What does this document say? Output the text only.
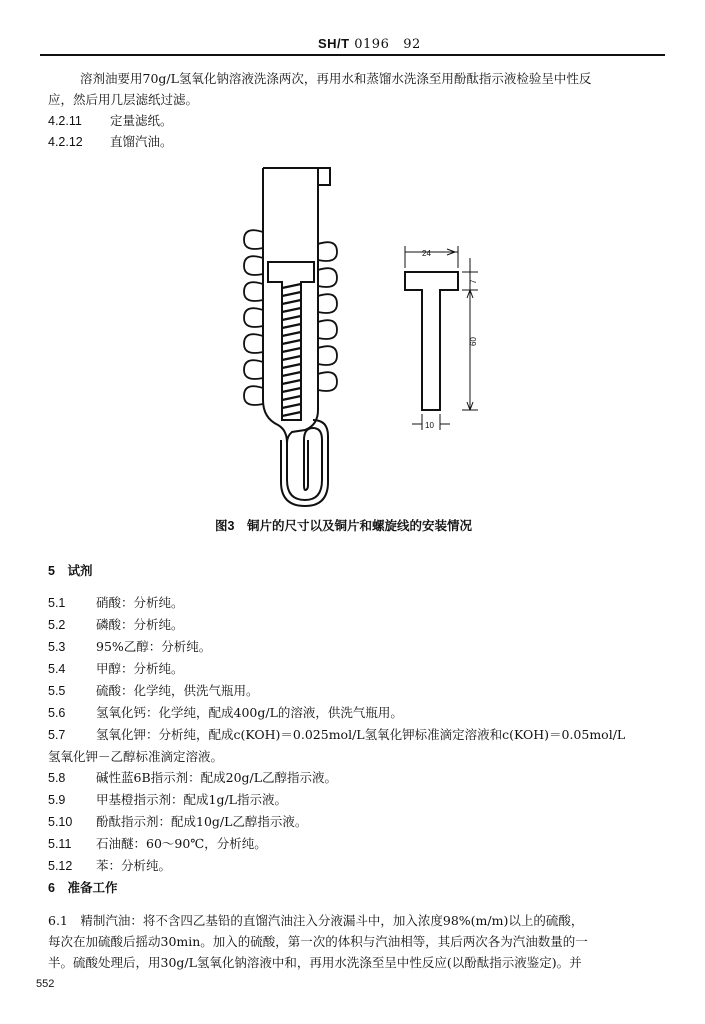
SH/T 0196 92
溶剂油要用70g/L氢氧化钠溶液洗涤两次，再用水和蒸馏水洗涤至用酚酞指示液检验呈中性反
应，然后用几层滤纸过滤。
4.2.11 定量滤纸。
4.2.12 直馏汽油。
24
7
60
10
图3　铜片的尺寸以及铜片和螺旋线的安装情况
5　试剂
5.1 硝酸：分析纯。
5.2 磷酸：分析纯。
5.3 95%乙醇：分析纯。
5.4 甲醇：分析纯。
5.5 硫酸：化学纯，供洗气瓶用。
5.6 氢氧化钙：化学纯，配成400g/L的溶液，供洗气瓶用。
5.7 氢氧化钾：分析纯，配成c(KOH)＝0.025mol/L氢氧化钾标准滴定溶液和c(KOH)＝0.05mol/L
氢氧化钾－乙醇标准滴定溶液。
5.8 碱性蓝6B指示剂：配成20g/L乙醇指示液。
5.9 甲基橙指示剂：配成1g/L指示液。
5.10 酚酞指示剂：配成10g/L乙醇指示液。
5.11 石油醚：60～90℃，分析纯。
5.12 苯：分析纯。
6　准备工作
6.1　精制汽油：将不含四乙基铅的直馏汽油注入分液漏斗中，加入浓度98%(m/m)以上的硫酸，
每次在加硫酸后摇动30min。加入的硫酸，第一次的体积与汽油相等，其后两次各为汽油数量的一
半。硫酸处理后，用30g/L氢氧化钠溶液中和，再用水洗涤至呈中性反应(以酚酞指示液鉴定)。并
552
